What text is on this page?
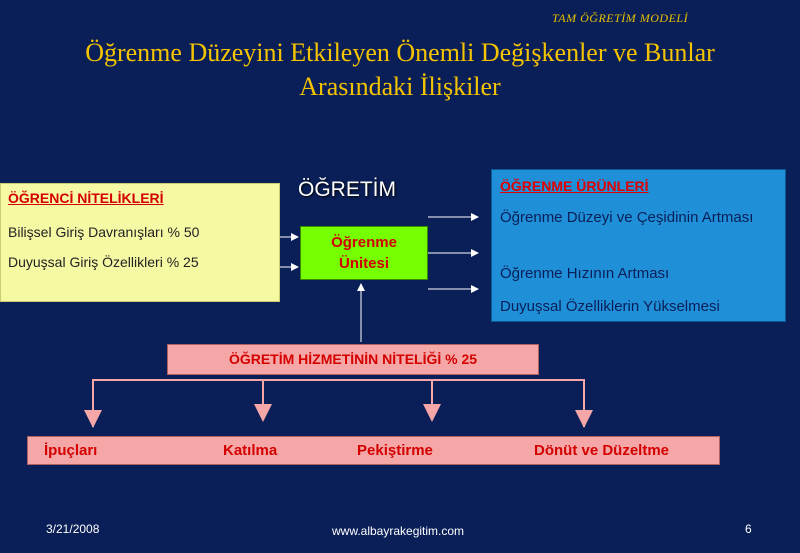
TAM ÖĞRETİM MODELİ
Öğrenme Düzeyini Etkileyen Önemli Değişkenler ve Bunlar
Arasındaki İlişkiler
ÖĞRETİM
ÖĞRENCİ NİTELİKLERİ
Bilişsel Giriş Davranışları % 50
Duyuşsal Giriş Özellikleri % 25
Öğrenme
Ünitesi
ÖĞRENME ÜRÜNLERİ
Öğrenme Düzeyi ve Çeşidinin Artması
Öğrenme Hızının Artması
Duyuşsal Özelliklerin Yükselmesi
ÖĞRETİM HİZMETİNİN NİTELİĞİ % 25
İpuçları	Katılma	Pekiştirme	Dönüt ve Düzeltme
3/21/2008	www.albayrakegitim.com	6
